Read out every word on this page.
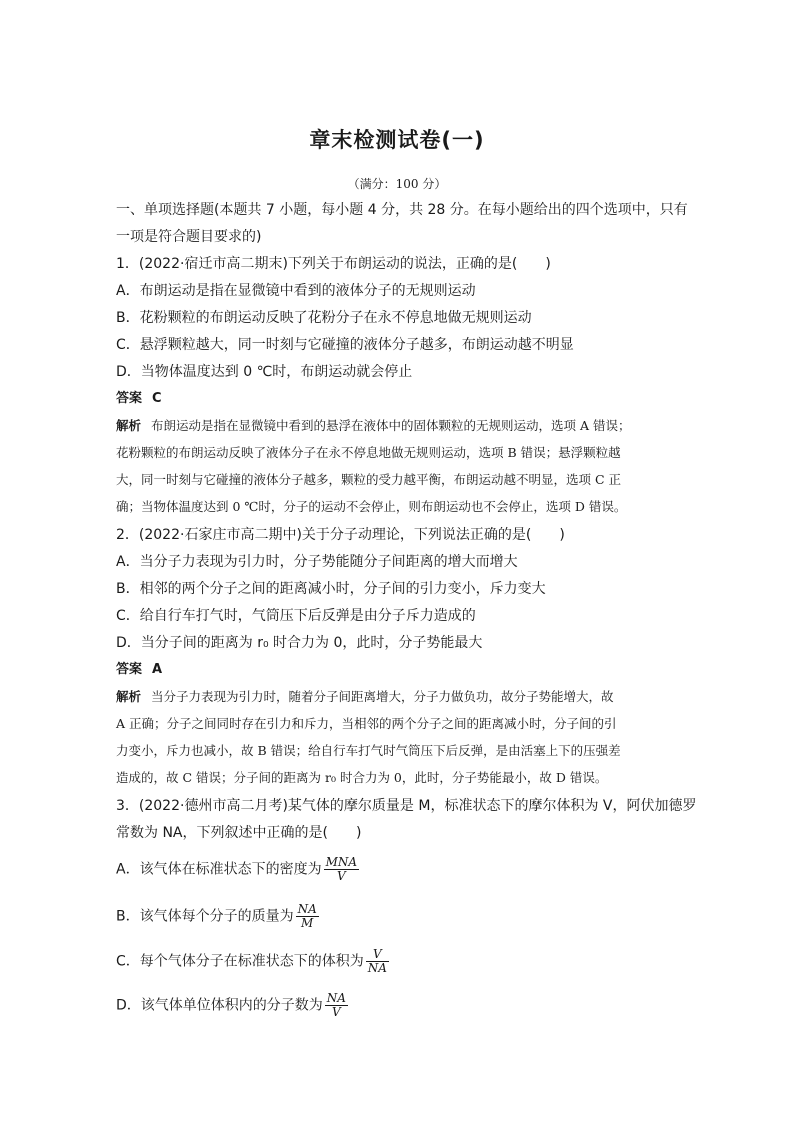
章末检测试卷(一)
（满分：100 分）
一、单项选择题(本题共 7 小题，每小题 4 分，共 28 分。在每小题给出的四个选项中，只有
一项是符合题目要求的)
1．(2022·宿迁市高二期末)下列关于布朗运动的说法，正确的是(　　)
A．布朗运动是指在显微镜中看到的液体分子的无规则运动
B．花粉颗粒的布朗运动反映了花粉分子在永不停息地做无规则运动
C．悬浮颗粒越大，同一时刻与它碰撞的液体分子越多，布朗运动越不明显
D．当物体温度达到 0 ℃时，布朗运动就会停止
答案 C
解析 布朗运动是指在显微镜中看到的悬浮在液体中的固体颗粒的无规则运动，选项 A 错误；
花粉颗粒的布朗运动反映了液体分子在永不停息地做无规则运动，选项 B 错误；悬浮颗粒越
大，同一时刻与它碰撞的液体分子越多，颗粒的受力越平衡，布朗运动越不明显，选项 C 正
确；当物体温度达到 0 ℃时，分子的运动不会停止，则布朗运动也不会停止，选项 D 错误。
2．(2022·石家庄市高二期中)关于分子动理论，下列说法正确的是(　　)
A．当分子力表现为引力时，分子势能随分子间距离的增大而增大
B．相邻的两个分子之间的距离减小时，分子间的引力变小，斥力变大
C．给自行车打气时，气筒压下后反弹是由分子斥力造成的
D．当分子间的距离为 r₀ 时合力为 0，此时，分子势能最大
答案 A
解析 当分子力表现为引力时，随着分子间距离增大，分子力做负功，故分子势能增大，故
A 正确；分子之间同时存在引力和斥力，当相邻的两个分子之间的距离减小时，分子间的引
力变小，斥力也减小，故 B 错误；给自行车打气时气筒压下后反弹，是由活塞上下的压强差
造成的，故 C 错误；分子间的距离为 r₀ 时合力为 0，此时，分子势能最小，故 D 错误。
3．(2022·德州市高二月考)某气体的摩尔质量是 M，标准状态下的摩尔体积为 V，阿伏加德罗
常数为 NA，下列叙述中正确的是(　　)
A．该气体在标准状态下的密度为 $\frac{\text{MNA}}{V}$
B．该气体每个分子的质量为 $\frac{NA}{M}$
C．每个气体分子在标准状态下的体积为 $\frac{V}{NA}$
D．该气体单位体积内的分子数为 $\frac{NA}{V}$
